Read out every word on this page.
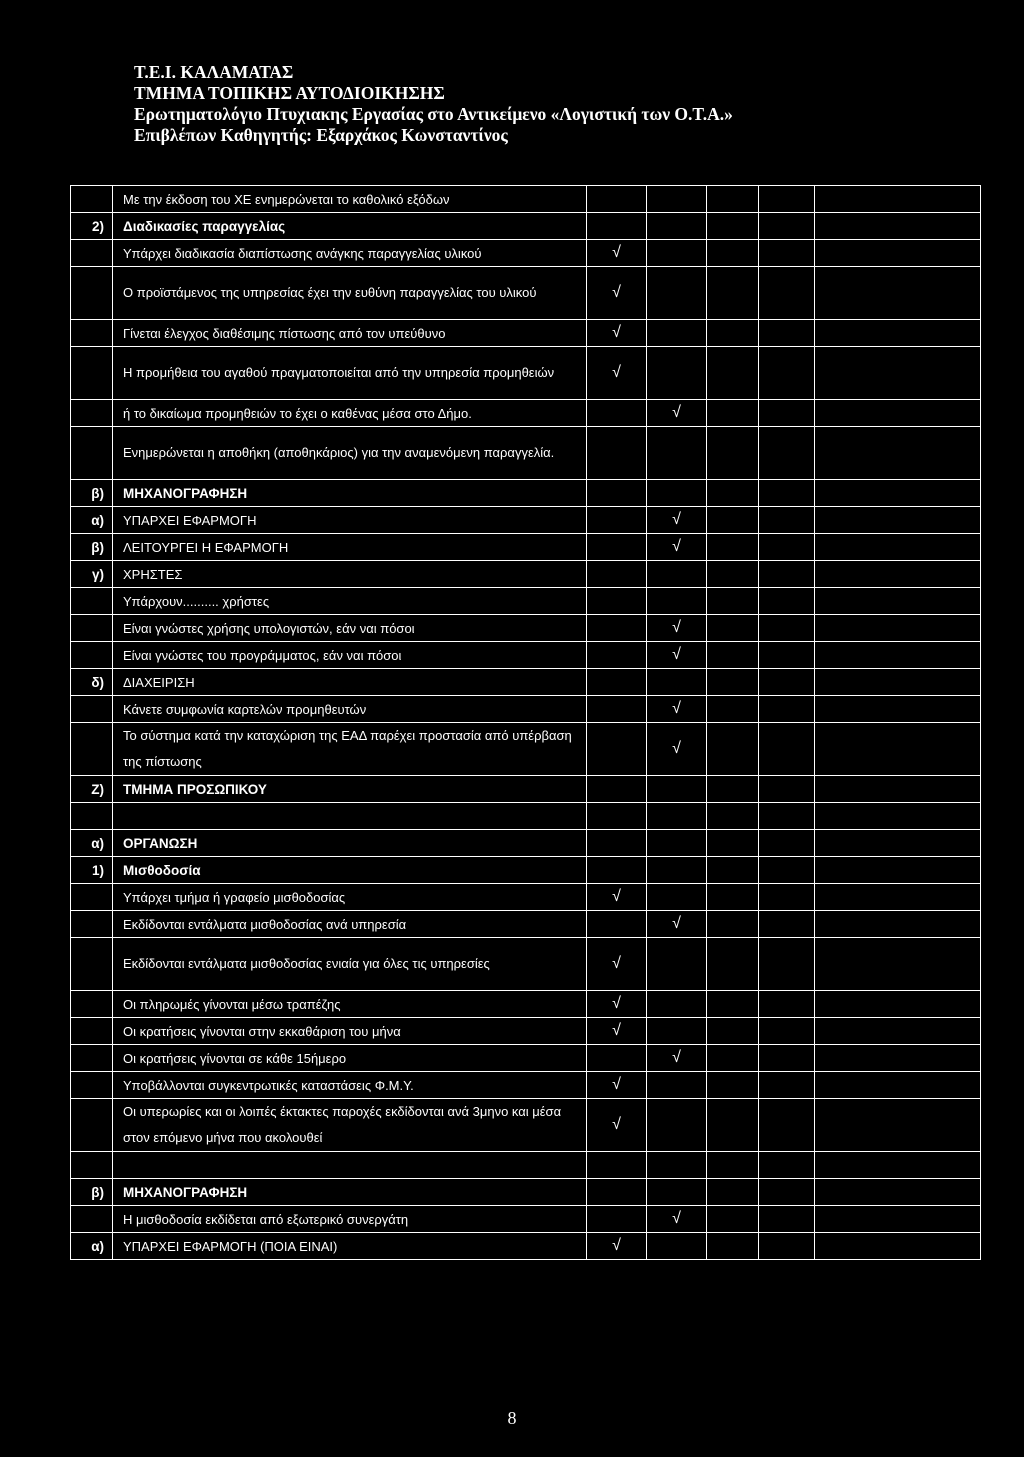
Τ.Ε.Ι. ΚΑΛΑΜΑΤΑΣ
ΤΜΗΜΑ ΤΟΠΙΚΗΣ ΑΥΤΟΔΙΟΙΚΗΣΗΣ
Ερωτηματολόγιο Πτυχιακης Εργασίας στο Αντικείμενο «Λογιστική των Ο.Τ.Α.»
Επιβλέπων Καθηγητής: Εξαρχάκος Κωνσταντίνος
	Με την έκδοση του ΧΕ ενημερώνεται το καθολικό εξόδων					
2)	Διαδικασίες παραγγελίας					
	Υπάρχει διαδικασία διαπίστωσης ανάγκης παραγγελίας υλικού	√				
	Ο προϊστάμενος της υπηρεσίας έχει την ευθύνη παραγγελίας του υλικού	√				
	Γίνεται έλεγχος διαθέσιμης πίστωσης από τον υπεύθυνο	√				
	Η προμήθεια του αγαθού πραγματοποιείται από την υπηρεσία προμηθειών	√				
	ή το δικαίωμα προμηθειών το έχει ο καθένας μέσα στο Δήμο.		√			
	Ενημερώνεται η αποθήκη (αποθηκάριος) για την αναμενόμενη παραγγελία.					
β)	ΜΗΧΑΝΟΓΡΑΦΗΣΗ					
α)	ΥΠΑΡΧΕΙ ΕΦΑΡΜΟΓΗ		√			
β)	ΛΕΙΤΟΥΡΓΕΙ Η ΕΦΑΡΜΟΓΗ		√			
γ)	ΧΡΗΣΤΕΣ					
	Υπάρχουν.......... χρήστες					
	Είναι γνώστες χρήσης υπολογιστών, εάν ναι πόσοι		√			
	Είναι γνώστες του προγράμματος, εάν ναι πόσοι		√			
δ)	ΔΙΑΧΕΙΡΙΣΗ					
	Κάνετε συμφωνία καρτελών προμηθευτών		√			
	Το σύστημα κατά την καταχώριση της ΕΑΔ παρέχει προστασία από υπέρβαση της πίστωσης		√			
Ζ)	ΤΜΗΜΑ ΠΡΟΣΩΠΙΚΟΥ					

α)	ΟΡΓΑΝΩΣΗ					
1)	Μισθοδοσία					
	Υπάρχει τμήμα ή γραφείο μισθοδοσίας	√				
	Εκδίδονται εντάλματα μισθοδοσίας ανά υπηρεσία		√			
	Εκδίδονται εντάλματα μισθοδοσίας ενιαία για όλες τις υπηρεσίες	√				
	Οι πληρωμές γίνονται μέσω τραπέζης	√				
	Οι κρατήσεις γίνονται στην εκκαθάριση του μήνα	√				
	Οι κρατήσεις γίνονται σε κάθε 15ήμερο		√			
	Υποβάλλονται συγκεντρωτικές καταστάσεις Φ.Μ.Υ.	√				
	Οι υπερωρίες και οι λοιπές έκτακτες παροχές εκδίδονται ανά 3μηνο και μέσα στον επόμενο μήνα που ακολουθεί	√				

β)	ΜΗΧΑΝΟΓΡΑΦΗΣΗ					
	Η μισθοδοσία εκδίδεται από εξωτερικό συνεργάτη		√			
α)	ΥΠΑΡΧΕΙ ΕΦΑΡΜΟΓΗ (ΠΟΙΑ ΕΙΝΑΙ)	√				
8
